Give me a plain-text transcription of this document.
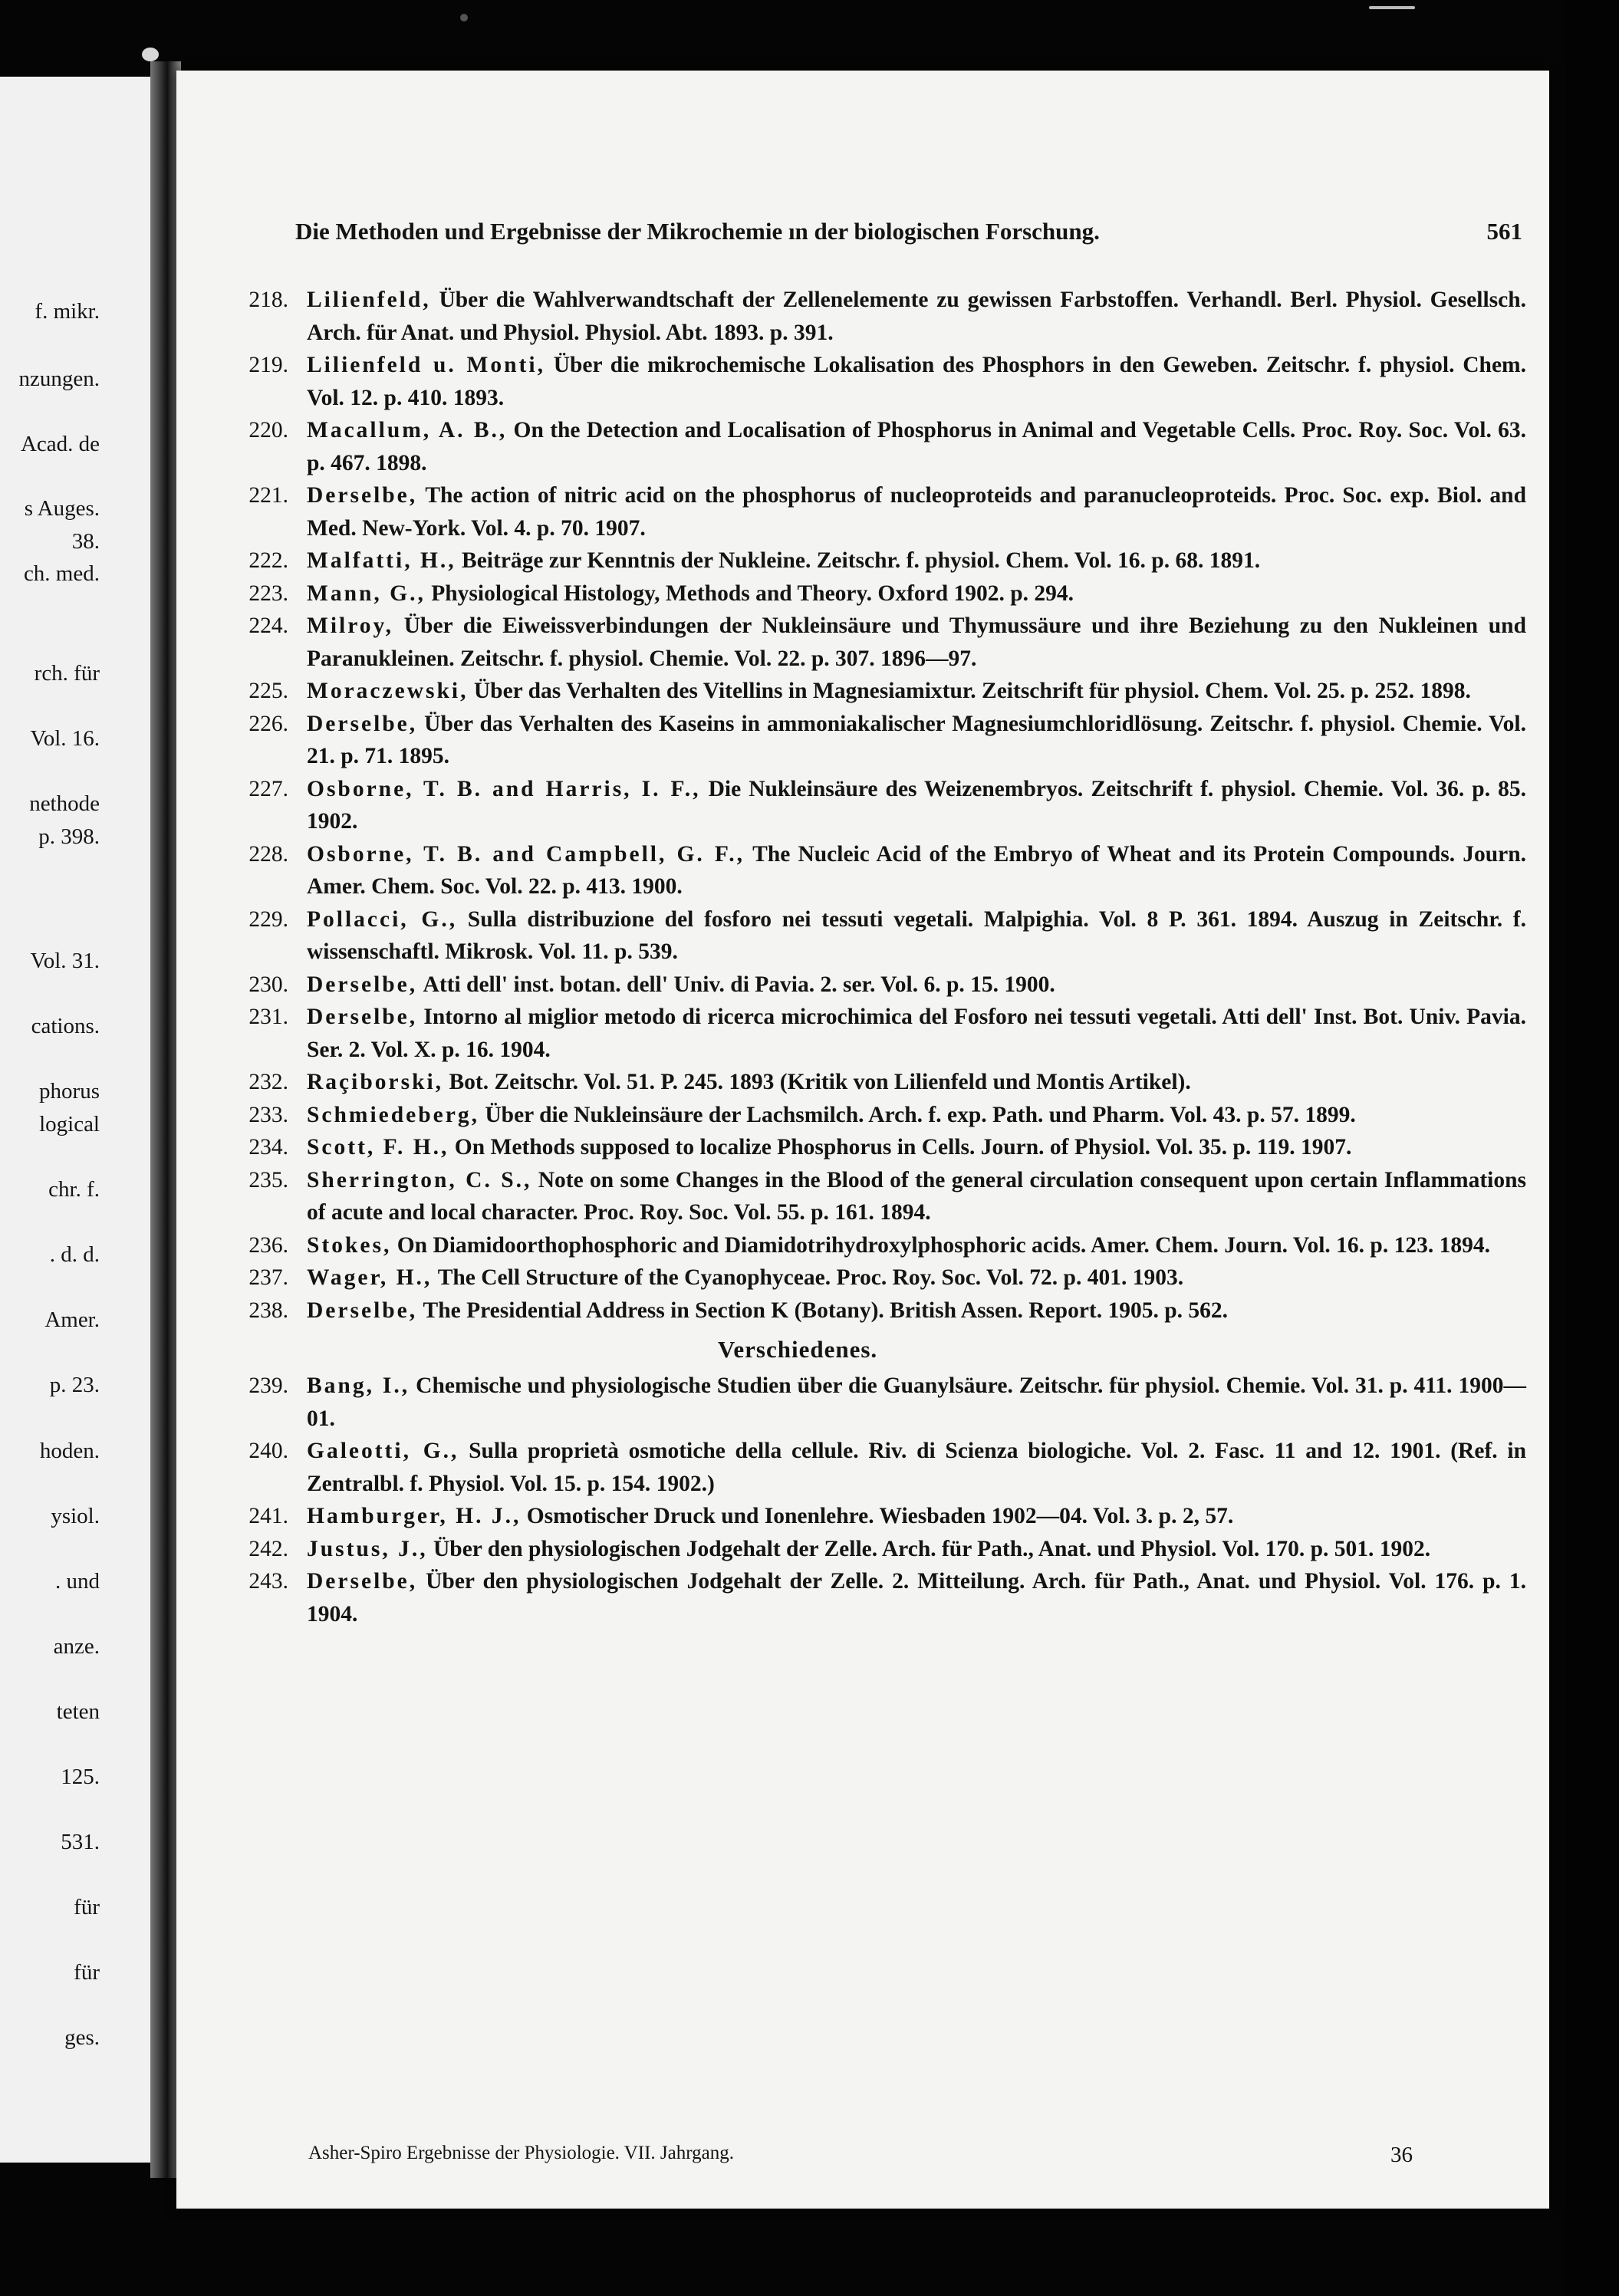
f. mikr.
nzungen.
Acad. de
s Auges.
38.
ch. med.
rch. für
Vol. 16.
nethode
p. 398.
Vol. 31.
cations.
phorus
logical
chr. f.
. d. d.
Amer.
p. 23.
hoden.
ysiol.
. und
anze.
teten
125.
531.
für
für
ges.
Die Methoden und Ergebnisse der Mikrochemie ın der biologischen Forschung.	561
218. Lilienfeld, Über die Wahlverwandtschaft der Zellenelemente zu gewissen Farbstoffen. Verhandl. Berl. Physiol. Gesellsch. Arch. für Anat. und Physiol. Physiol. Abt. 1893. p. 391.
219. Lilienfeld u. Monti, Über die mikrochemische Lokalisation des Phosphors in den Geweben. Zeitschr. f. physiol. Chem. Vol. 12. p. 410. 1893.
220. Macallum, A. B., On the Detection and Localisation of Phosphorus in Animal and Vegetable Cells. Proc. Roy. Soc. Vol. 63. p. 467. 1898.
221. Derselbe, The action of nitric acid on the phosphorus of nucleoproteids and paranucleoproteids. Proc. Soc. exp. Biol. and Med. New-York. Vol. 4. p. 70. 1907.
222. Malfatti, H., Beiträge zur Kenntnis der Nukleine. Zeitschr. f. physiol. Chem. Vol. 16. p. 68. 1891.
223. Mann, G., Physiological Histology, Methods and Theory. Oxford 1902. p. 294.
224. Milroy, Über die Eiweissverbindungen der Nukleinsäure und Thymussäure und ihre Beziehung zu den Nukleinen und Paranukleinen. Zeitschr. f. physiol. Chemie. Vol. 22. p. 307. 1896—97.
225. Moraczewski, Über das Verhalten des Vitellins in Magnesiamixtur. Zeitschrift für physiol. Chem. Vol. 25. p. 252. 1898.
226. Derselbe, Über das Verhalten des Kaseins in ammoniakalischer Magnesiumchloridlösung. Zeitschr. f. physiol. Chemie. Vol. 21. p. 71. 1895.
227. Osborne, T. B. and Harris, I. F., Die Nukleinsäure des Weizenembryos. Zeitschrift f. physiol. Chemie. Vol. 36. p. 85. 1902.
228. Osborne, T. B. and Campbell, G. F., The Nucleic Acid of the Embryo of Wheat and its Protein Compounds. Journ. Amer. Chem. Soc. Vol. 22. p. 413. 1900.
229. Pollacci, G., Sulla distribuzione del fosforo nei tessuti vegetali. Malpighia. Vol. 8 P. 361. 1894. Auszug in Zeitschr. f. wissenschaftl. Mikrosk. Vol. 11. p. 539.
230. Derselbe, Atti dell' inst. botan. dell' Univ. di Pavia. 2. ser. Vol. 6. p. 15. 1900.
231. Derselbe, Intorno al miglior metodo di ricerca microchimica del Fosforo nei tessuti vegetali. Atti dell' Inst. Bot. Univ. Pavia. Ser. 2. Vol. X. p. 16. 1904.
232. Raçiborski, Bot. Zeitschr. Vol. 51. P. 245. 1893 (Kritik von Lilienfeld und Montis Artikel).
233. Schmiedeberg, Über die Nukleinsäure der Lachsmilch. Arch. f. exp. Path. und Pharm. Vol. 43. p. 57. 1899.
234. Scott, F. H., On Methods supposed to localize Phosphorus in Cells. Journ. of Physiol. Vol. 35. p. 119. 1907.
235. Sherrington, C. S., Note on some Changes in the Blood of the general circulation consequent upon certain Inflammations of acute and local character. Proc. Roy. Soc. Vol. 55. p. 161. 1894.
236. Stokes, On Diamidoorthophosphoric and Diamidotrihydroxylphosphoric acids. Amer. Chem. Journ. Vol. 16. p. 123. 1894.
237. Wager, H., The Cell Structure of the Cyanophyceae. Proc. Roy. Soc. Vol. 72. p. 401. 1903.
238. Derselbe, The Presidential Address in Section K (Botany). British Assen. Report. 1905. p. 562.
Verschiedenes.
239. Bang, I., Chemische und physiologische Studien über die Guanylsäure. Zeitschr. für physiol. Chemie. Vol. 31. p. 411. 1900—01.
240. Galeotti, G., Sulla proprietà osmotiche della cellule. Riv. di Scienza biologiche. Vol. 2. Fasc. 11 and 12. 1901. (Ref. in Zentralbl. f. Physiol. Vol. 15. p. 154. 1902.)
241. Hamburger, H. J., Osmotischer Druck und Ionenlehre. Wiesbaden 1902—04. Vol. 3. p. 2, 57.
242. Justus, J., Über den physiologischen Jodgehalt der Zelle. Arch. für Path., Anat. und Physiol. Vol. 170. p. 501. 1902.
243. Derselbe, Über den physiologischen Jodgehalt der Zelle. 2. Mitteilung. Arch. für Path., Anat. und Physiol. Vol. 176. p. 1. 1904.
Asher-Spiro Ergebnisse der Physiologie. VII. Jahrgang.	36
